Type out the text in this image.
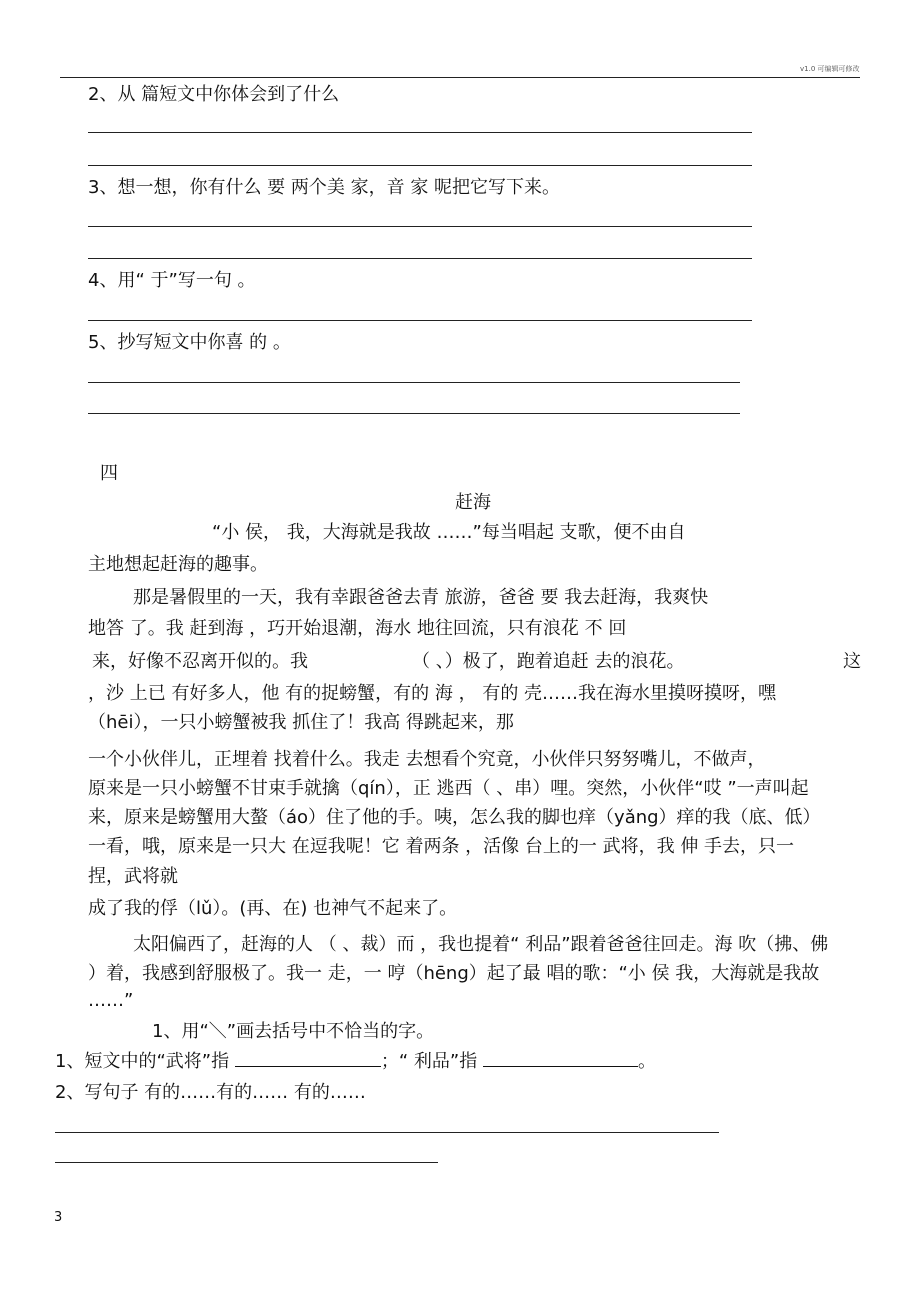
v1.0 可编辑可修改
2、从 篇短文中你体会到了什么
3、想一想，你有什么 要 两个美 家，音 家 呢把它写下来。
4、用“ 于”写一句 。
5、抄写短文中你喜 的 。
四
赶海
“小 侯， 我，大海就是我故 ……”每当唱起 支歌，便不由自
主地想起赶海的趣事。
那是暑假里的一天，我有幸跟爸爸去青 旅游，爸爸 要 我去赶海，我爽快
地答 了。我 赶到海 ，巧开始退潮，海水 地往回流，只有浪花 不 回
来，好像不忍离开似的。我	（ 、）极了，跑着追赶 去的浪花。	这
，沙 上已 有好多人，他 有的捉螃蟹，有的 海 ， 有的 壳……我在海水里摸呀摸呀，嘿
（hēi），一只小螃蟹被我 抓住了！我高 得跳起来，那
一个小伙伴儿，正埋着 找着什么。我走 去想看个究竟，小伙伴只努努嘴儿，不做声，
原来是一只小螃蟹不甘束手就擒（qín），正 逃西（ 、串）哩。突然，小伙伴“哎 ”一声叫起
来，原来是螃蟹用大螯（áo）住了他的手。咦，怎么我的脚也痒（yǎng）痒的我（底、低）
一看，哦，原来是一只大 在逗我呢！它 着两条 ，活像 台上的一 武将，我 伸 手去，只一
捏，武将就
成了我的俘（lǔ）。(再、在) 也神气不起来了。
太阳偏西了，赶海的人 （ 、裁）而 ，我也提着“ 利品”跟着爸爸往回走。海 吹（拂、佛
）着，我感到舒服极了。我一 走，一 哼（hēng）起了最 唱的歌：“小 侯 我，大海就是我故
……”
1、用“＼”画去括号中不恰当的字。
1、短文中的“武将”指	；“ 利品”指	。
2、写句子 有的……有的…… 有的……
3
